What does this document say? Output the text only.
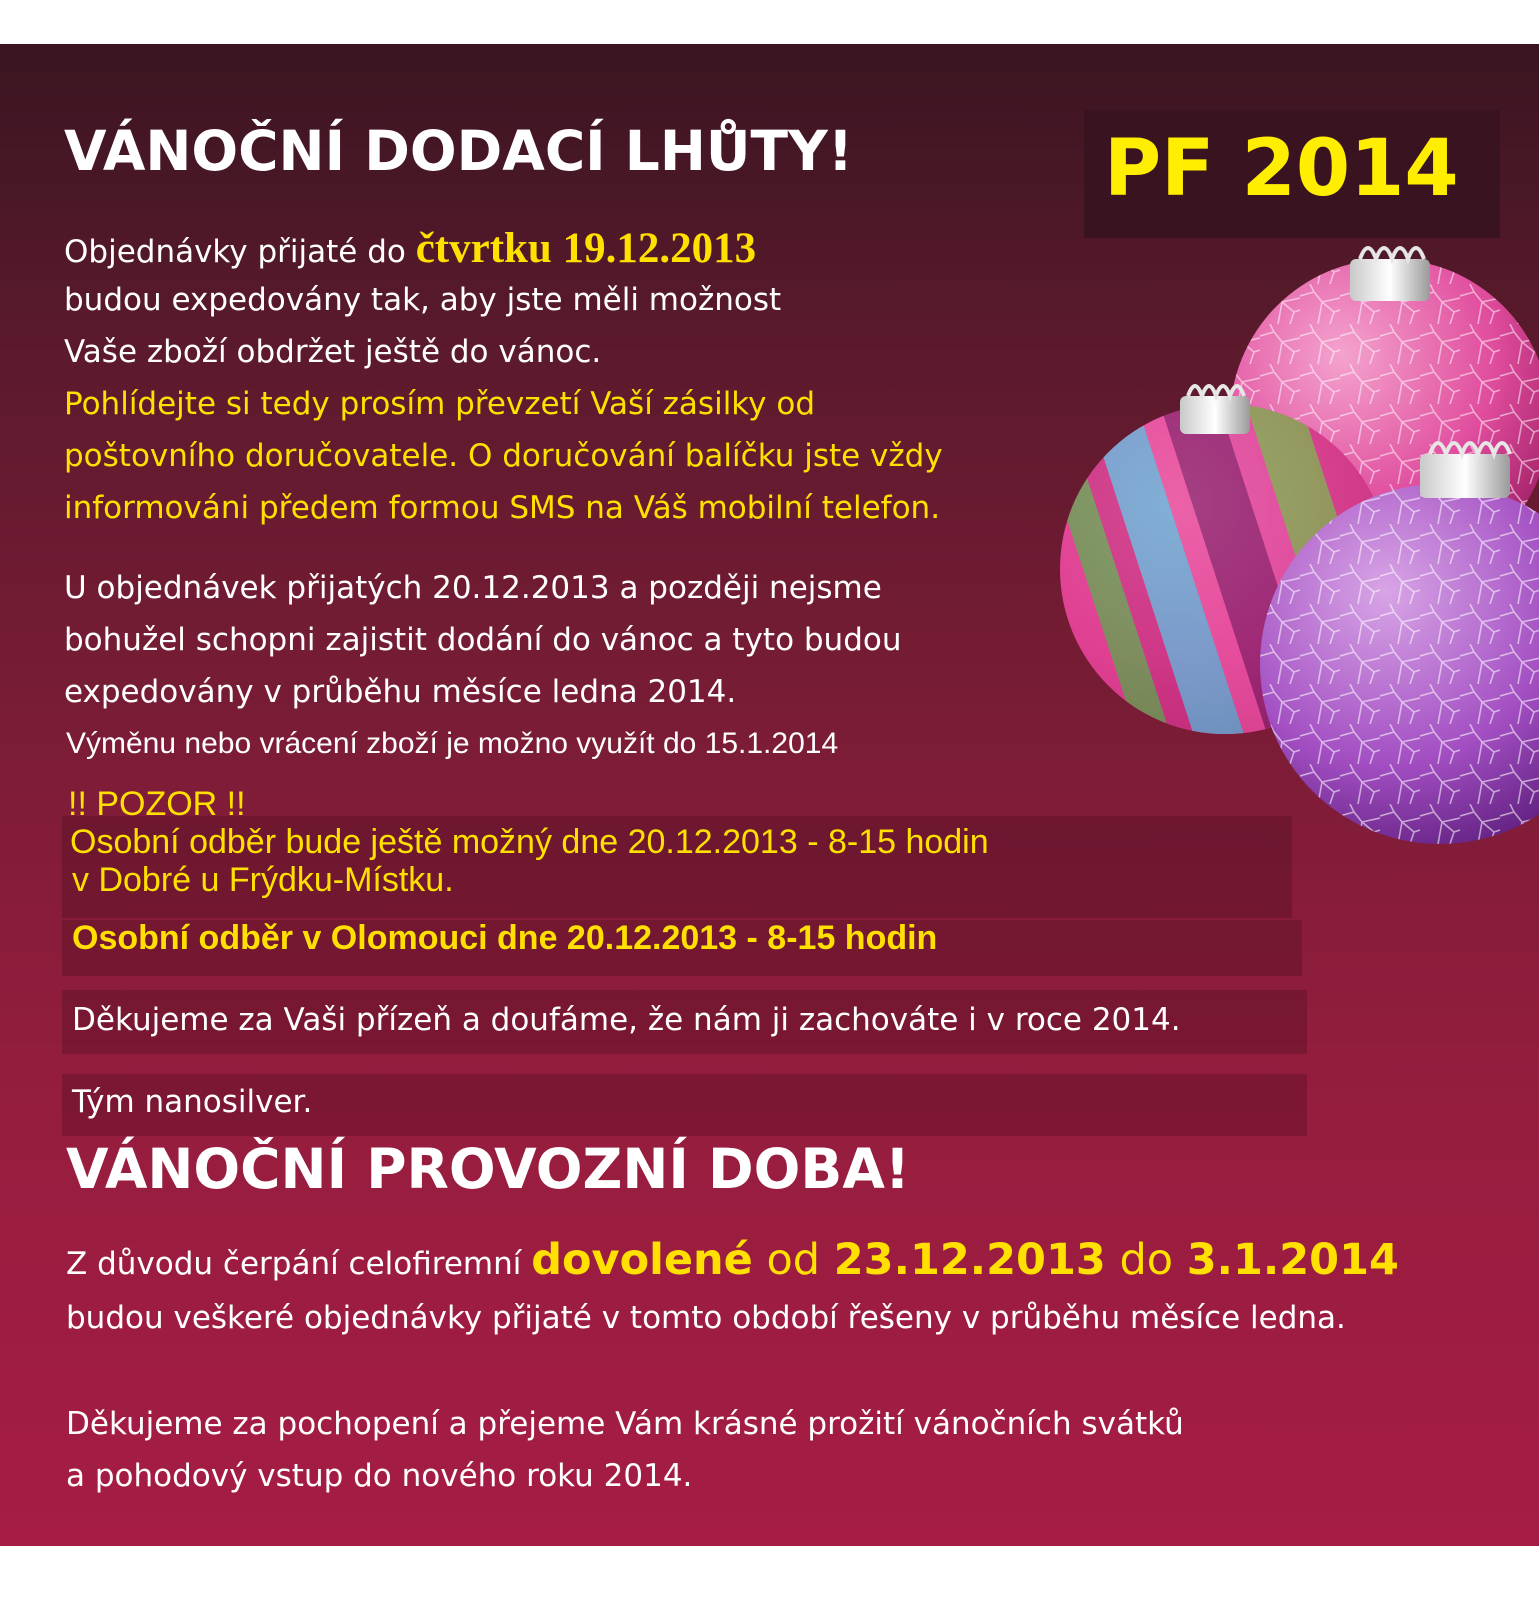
VÁNOČNÍ DODACÍ LHŮTY!	PF 2014

Objednávky přijaté do čtvrtku 19.12.2013

budou expedovány tak, aby jste měli možnost

Vaše zboží obdržet ještě do vánoc.

Pohlídejte si tedy prosím převzetí Vaší zásilky od

poštovního doručovatele. O doručování balíčku jste vždy

informováni předem formou SMS na Váš mobilní telefon.

U objednávek přijatých 20.12.2013 a později nejsme

bohužel schopni zajistit dodání do vánoc a tyto budou

expedovány v průběhu měsíce ledna 2014.

Výměnu nebo vrácení zboží je možno využít do 15.1.2014

!! POZOR !!

Osobní odběr bude ještě možný dne 20.12.2013 - 8-15 hodin

v Dobré u Frýdku-Místku.

Osobní odběr v Olomouci dne 20.12.2013 - 8-15 hodin

Děkujeme za Vaši přízeň a doufáme, že nám ji zachováte i v roce 2014.

Tým nanosilver.

VÁNOČNÍ PROVOZNÍ DOBA!

Z důvodu čerpání celofiremní dovolené od 23.12.2013 do 3.1.2014

budou veškeré objednávky přijaté v tomto období řešeny v průběhu měsíce ledna.

Děkujeme za pochopení a přejeme Vám krásné prožití vánočních svátků

a pohodový vstup do nového roku 2014.
